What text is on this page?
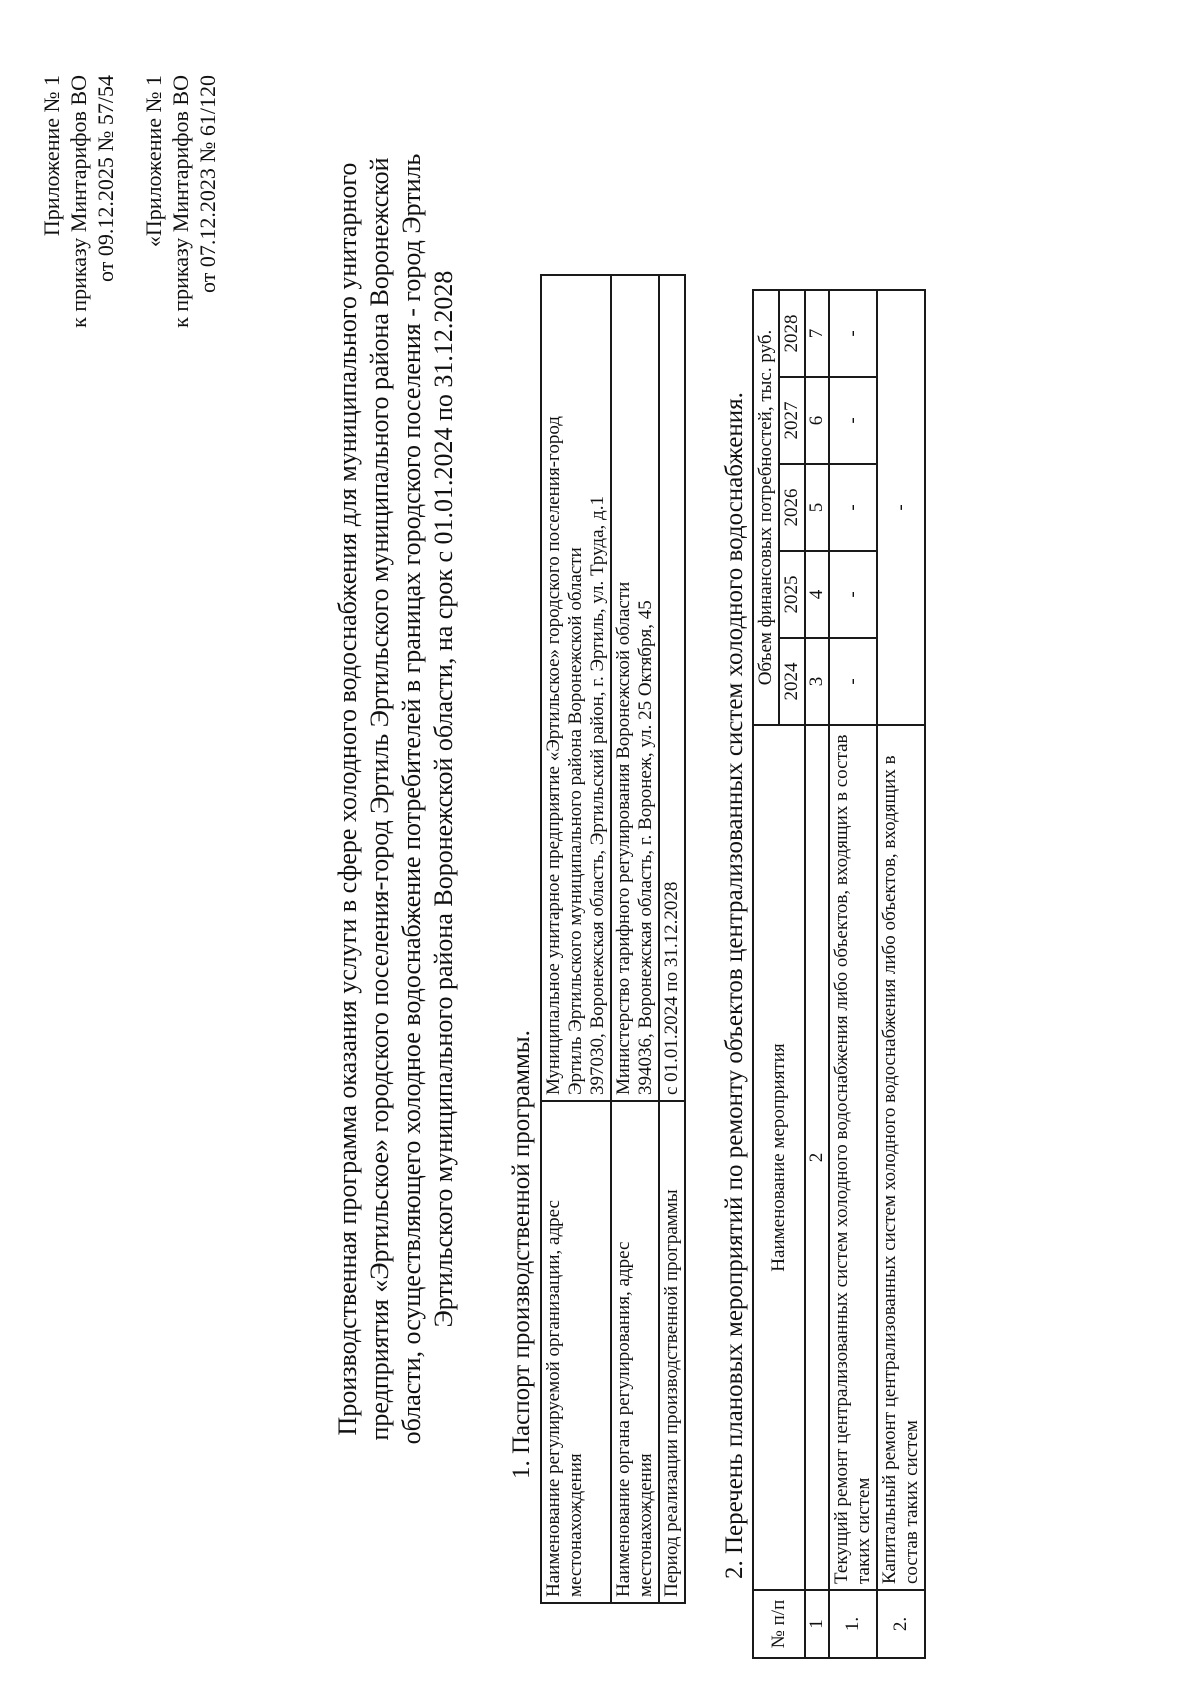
Приложение № 1 к приказу Минтарифов ВО от 09.12.2025 № 57/54 «Приложение № 1 к приказу Минтарифов ВО от 07.12.2023 № 61/120	Производственная программа оказания услуги в сфере холодного водоснабжения для муниципального унитарного предприятия «Эртильское» городского поселения-город Эртиль Эртильского муниципального района Воронежской области, осуществляющего холодное водоснабжение потребителей в границах городского поселения - город Эртиль Эртильского муниципального района Воронежской области, на срок с 01.01.2024 по 31.12.2028 1. Паспорт производственной программы. Наименование регулируемой организации, адрес местонахождения	Муниципальное унитарное предприятие «Эртильское» городского поселения-город Эртиль Эртильского муниципального района Воронежской области 397030, Воронежская область, Эртильский район, г. Эртиль, ул. Труда, д.1

Наименование органа регулирования, адрес местонахождения	Министерство тарифного регулирования Воронежской области 394036, Воронежская область, г. Воронеж, ул. 25 Октября, 45

Период реализации производственной программы	с 01.01.2024 по 31.12.2028 2. Перечень плановых мероприятий по ремонту объектов централизованных систем холодного водоснабжения.
№ п/п	Наименование мероприятия	Объем финансовых потребностей, тыс. руб.				
		2024	2025	2026	2027	2028
1	2	3	4	5	6	7
1.	Текущий ремонт централизованных систем холодного водоснабжения либо объектов, входящих в состав таких систем	-	-	-	-	-
2.	Капитальный ремонт централизованных систем холодного водоснабжения либо объектов, входящих в состав таких систем	-				
